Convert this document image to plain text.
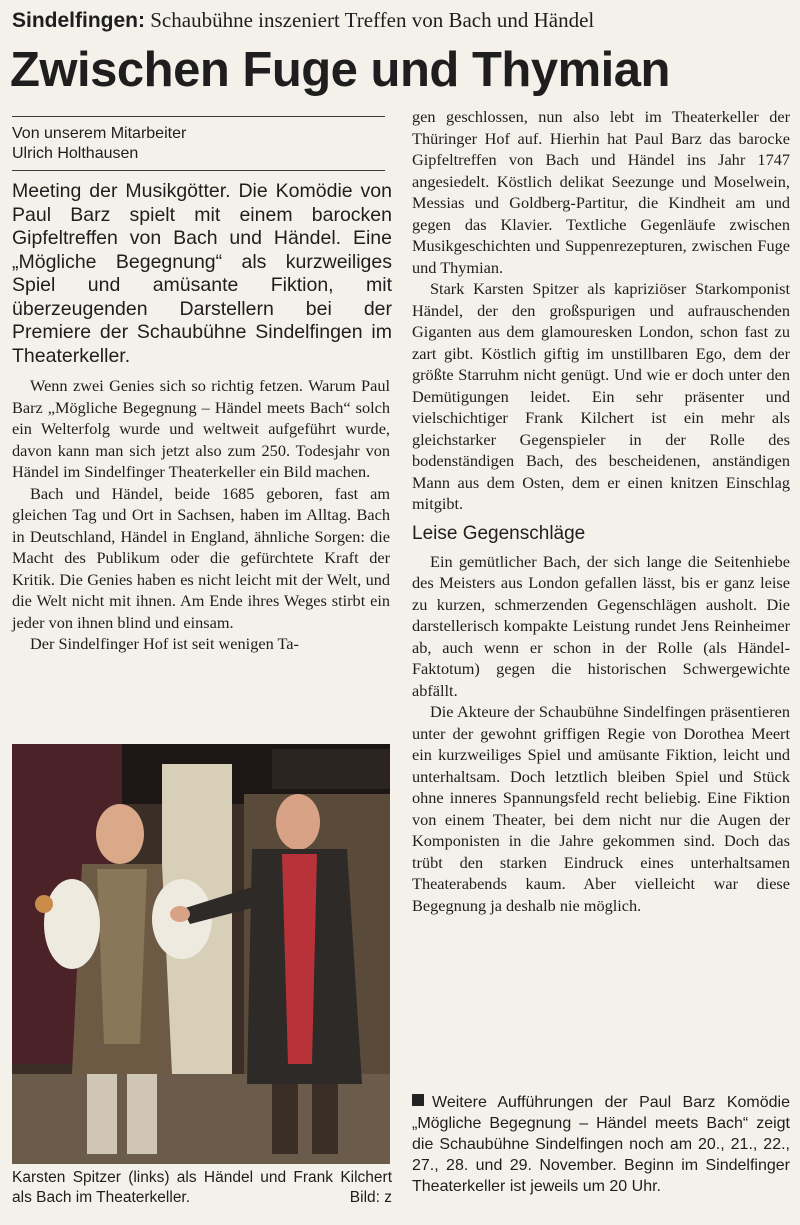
Sindelfingen: Schaubühne inszeniert Treffen von Bach und Händel
Zwischen Fuge und Thymian
Von unserem Mitarbeiter
Ulrich Holthausen
Meeting der Musikgötter. Die Komödie von Paul Barz spielt mit einem barocken Gipfeltreffen von Bach und Händel. Eine „Mögliche Begegnung“ als kurzweiliges Spiel und amüsante Fiktion, mit überzeugenden Darstellern bei der Premiere der Schaubühne Sindelfingen im Theaterkeller.

Wenn zwei Genies sich so richtig fetzen. Warum Paul Barz „Mögliche Begegnung – Händel meets Bach“ solch ein Welterfolg wurde und weltweit aufgeführt wurde, davon kann man sich jetzt also zum 250. Todesjahr von Händel im Sindelfinger Theaterkeller ein Bild machen.

Bach und Händel, beide 1685 geboren, fast am gleichen Tag und Ort in Sachsen, haben im Alltag. Bach in Deutschland, Händel in England, ähnliche Sorgen: die Macht des Publikum oder die gefürchtete Kraft der Kritik. Die Genies haben es nicht leicht mit der Welt, und die Welt nicht mit ihnen. Am Ende ihres Weges stirbt ein jeder von ihnen blind und einsam.

Der Sindelfinger Hof ist seit wenigen Ta-

Karsten Spitzer (links) als Händel und Frank Kilchert als Bach im Theaterkeller.	Bild: z

gen geschlossen, nun also lebt im Theaterkeller der Thüringer Hof auf. Hierhin hat Paul Barz das barocke Gipfeltreffen von Bach und Händel ins Jahr 1747 angesiedelt. Köstlich delikat Seezunge und Moselwein, Messias und Goldberg-Partitur, die Kindheit am und gegen das Klavier. Textliche Gegenläufe zwischen Musikgeschichten und Suppenrezepturen, zwischen Fuge und Thymian.

Stark Karsten Spitzer als kapriziöser Starkomponist Händel, der den großspurigen und aufrauschenden Giganten aus dem glamouresken London, schon fast zu zart gibt. Köstlich giftig im unstillbaren Ego, dem der größte Starruhm nicht genügt. Und wie er doch unter den Demütigungen leidet. Ein sehr präsenter und vielschichtiger Frank Kilchert ist ein mehr als gleichstarker Gegenspieler in der Rolle des bodenständigen Bach, des bescheidenen, anständigen Mann aus dem Osten, dem er einen knitzen Einschlag mitgibt.

Leise Gegenschläge

Ein gemütlicher Bach, der sich lange die Seitenhiebe des Meisters aus London gefallen lässt, bis er ganz leise zu kurzen, schmerzenden Gegenschlägen ausholt. Die darstellerisch kompakte Leistung rundet Jens Reinheimer ab, auch wenn er schon in der Rolle (als Händel-Faktotum) gegen die historischen Schwergewichte abfällt.

Die Akteure der Schaubühne Sindelfingen präsentieren unter der gewohnt griffigen Regie von Dorothea Meert ein kurzweiliges Spiel und amüsante Fiktion, leicht und unterhaltsam. Doch letztlich bleiben Spiel und Stück ohne inneres Spannungsfeld recht beliebig. Eine Fiktion von einem Theater, bei dem nicht nur die Augen der Komponisten in die Jahre gekommen sind. Doch das trübt den starken Eindruck eines unterhaltsamen Theaterabends kaum. Aber vielleicht war diese Begegnung ja deshalb nie möglich.

Weitere Aufführungen der Paul Barz Komödie „Mögliche Begegnung – Händel meets Bach“ zeigt die Schaubühne Sindelfingen noch am 20., 21., 22., 27., 28. und 29. November. Beginn im Sindelfinger Theaterkeller ist jeweils um 20 Uhr.
